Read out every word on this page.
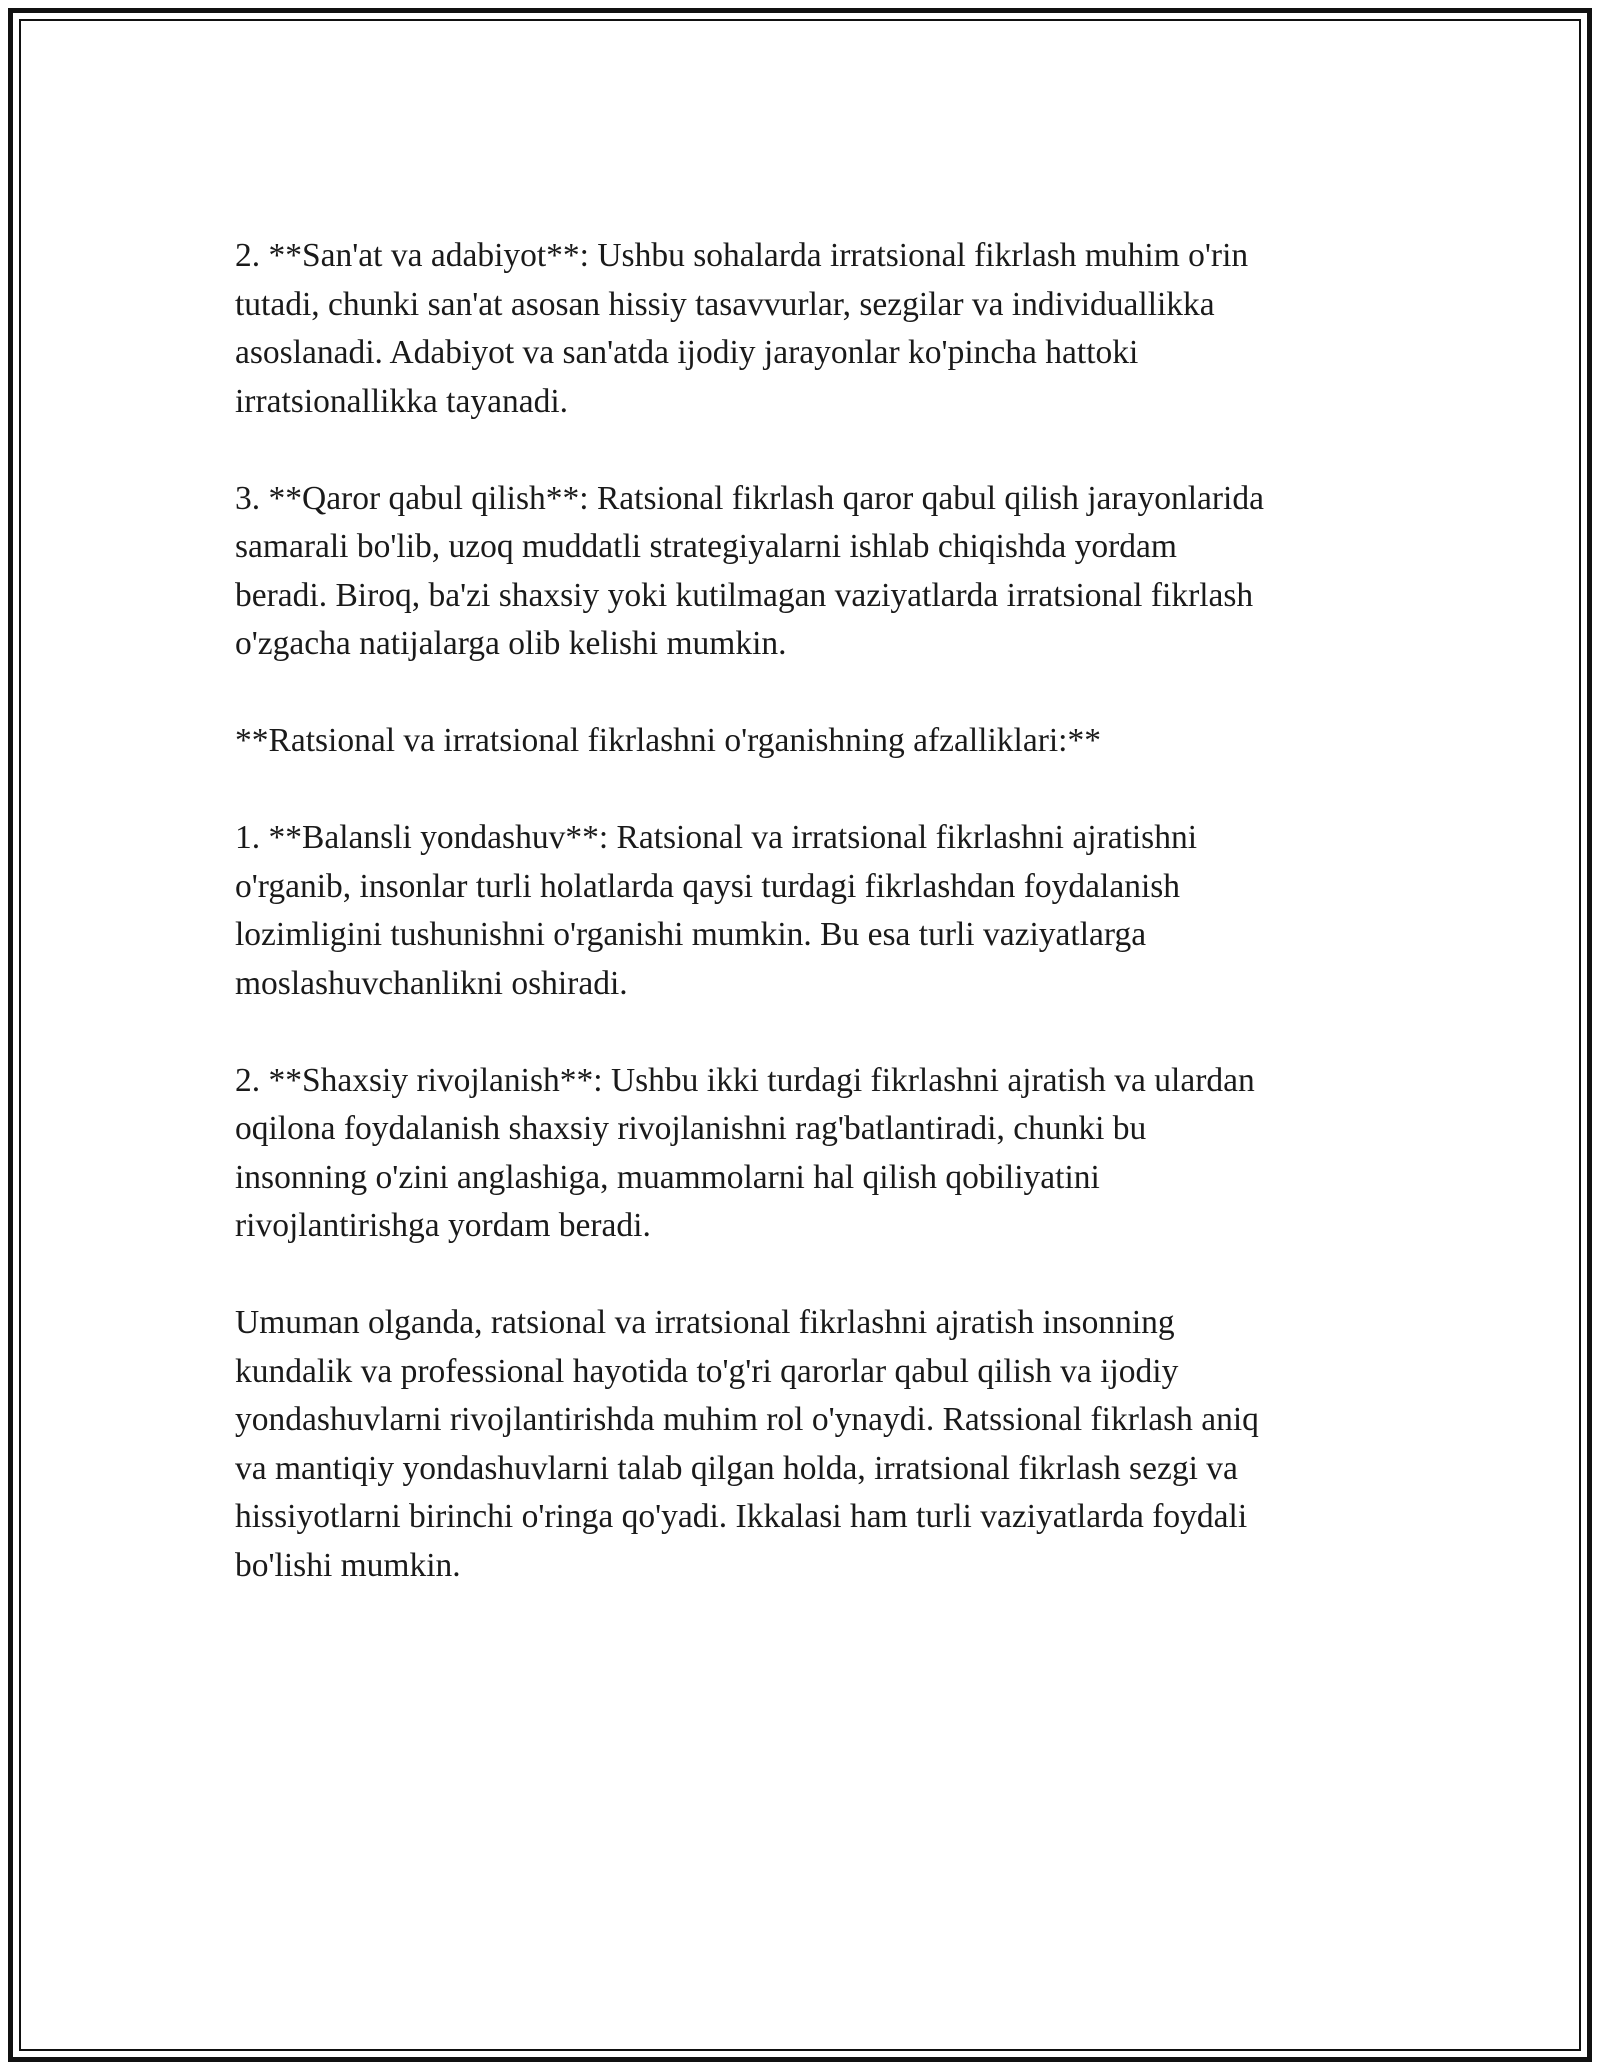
2. **San'at va adabiyot**: Ushbu sohalarda irratsional fikrlash muhim o'rin
tutadi, chunki san'at asosan hissiy tasavvurlar, sezgilar va individuallikka
asoslanadi. Adabiyot va san'atda ijodiy jarayonlar ko'pincha hattoki
irratsionallikka tayanadi.

3. **Qaror qabul qilish**: Ratsional fikrlash qaror qabul qilish jarayonlarida
samarali bo'lib, uzoq muddatli strategiyalarni ishlab chiqishda yordam
beradi. Biroq, ba'zi shaxsiy yoki kutilmagan vaziyatlarda irratsional fikrlash
o'zgacha natijalarga olib kelishi mumkin.

**Ratsional va irratsional fikrlashni o'rganishning afzalliklari:**

1. **Balansli yondashuv**: Ratsional va irratsional fikrlashni ajratishni
o'rganib, insonlar turli holatlarda qaysi turdagi fikrlashdan foydalanish
lozimligini tushunishni o'rganishi mumkin. Bu esa turli vaziyatlarga
moslashuvchanlikni oshiradi.

2. **Shaxsiy rivojlanish**: Ushbu ikki turdagi fikrlashni ajratish va ulardan
oqilona foydalanish shaxsiy rivojlanishni rag'batlantiradi, chunki bu
insonning o'zini anglashiga, muammolarni hal qilish qobiliyatini
rivojlantirishga yordam beradi.

Umuman olganda, ratsional va irratsional fikrlashni ajratish insonning
kundalik va professional hayotida to'g'ri qarorlar qabul qilish va ijodiy
yondashuvlarni rivojlantirishda muhim rol o'ynaydi. Ratssional fikrlash aniq
va mantiqiy yondashuvlarni talab qilgan holda, irratsional fikrlash sezgi va
hissiyotlarni birinchi o'ringa qo'yadi. Ikkalasi ham turli vaziyatlarda foydali
bo'lishi mumkin.
